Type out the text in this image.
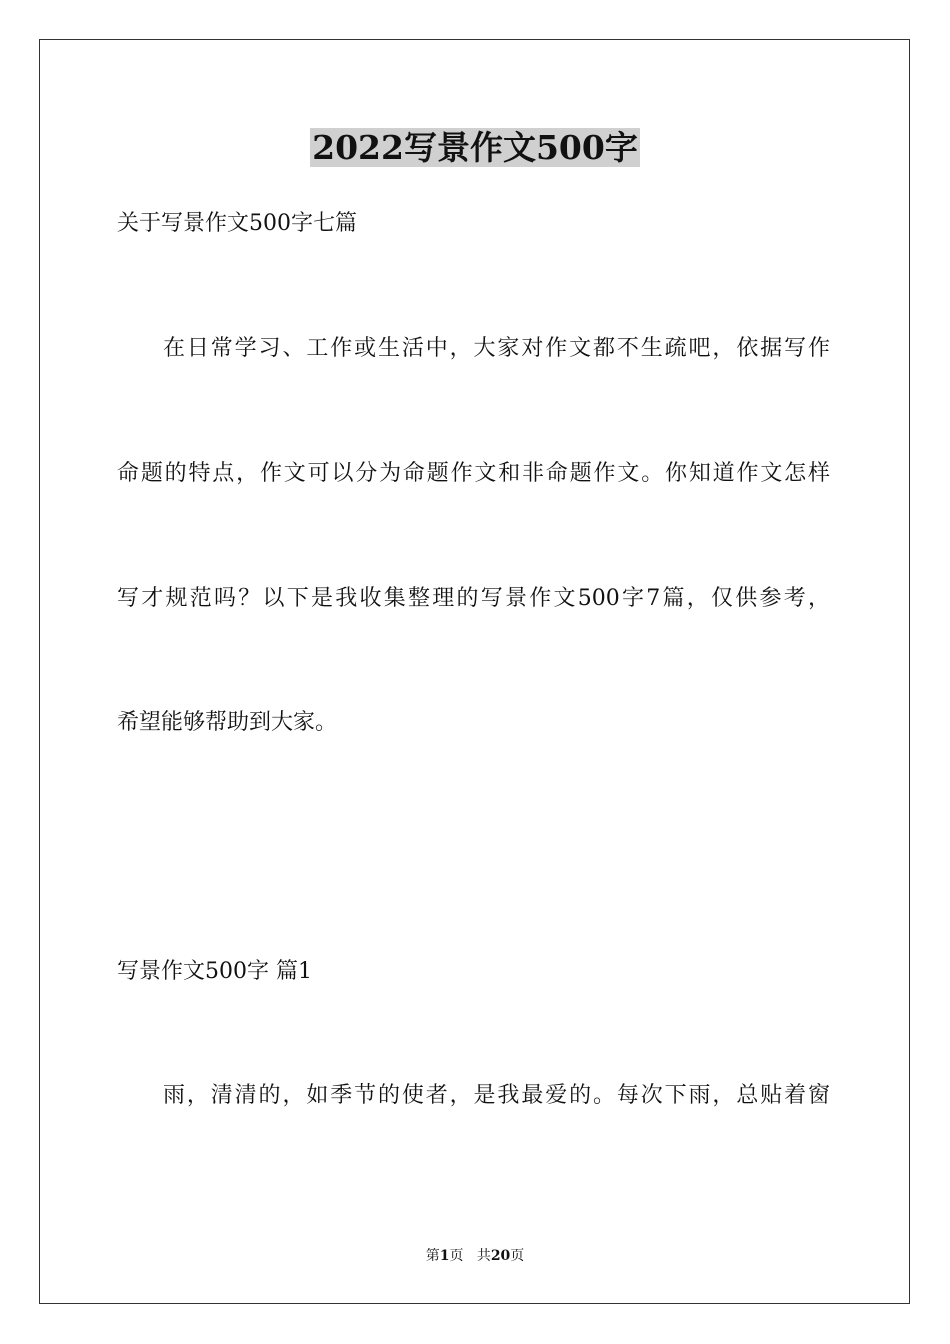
2022写景作文500字
关于写景作文500字七篇
在日常学习、工作或生活中，大家对作文都不生疏吧，依据写作
命题的特点，作文可以分为命题作文和非命题作文。你知道作文怎样
写才规范吗？以下是我收集整理的写景作文500字7篇，仅供参考，
希望能够帮助到大家。
写景作文500字 篇1
雨，清清的，如季节的使者，是我最爱的。每次下雨，总贴着窗
第1页 共20页
